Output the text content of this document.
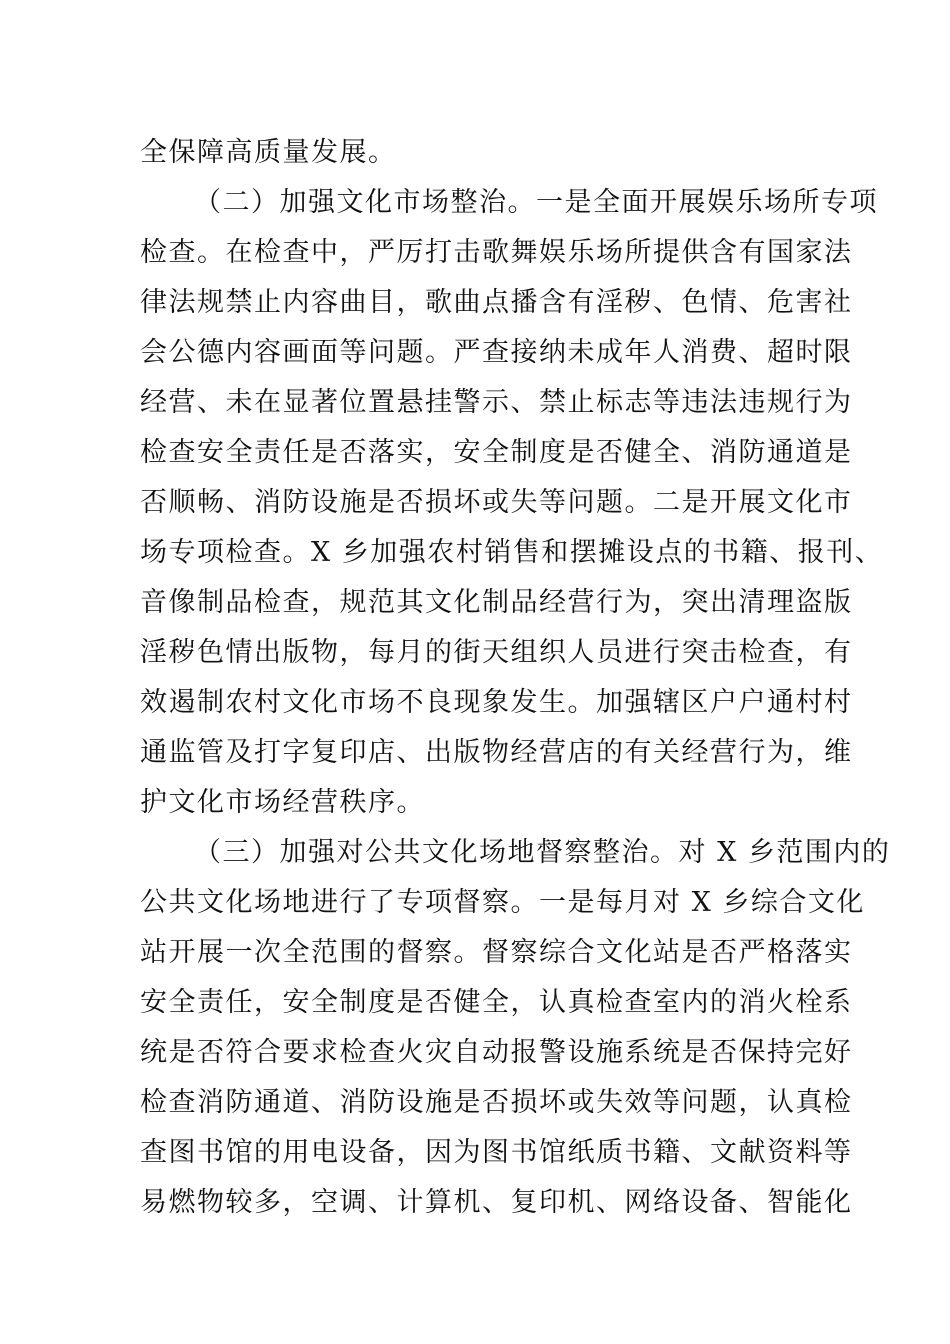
全保障高质量发展。
（二）加强文化市场整治。一是全面开展娱乐场所专项
检查。在检查中，严厉打击歌舞娱乐场所提供含有国家法
律法规禁止内容曲目，歌曲点播含有淫秽、色情、危害社
会公德内容画面等问题。严查接纳未成年人消费、超时限
经营、未在显著位置悬挂警示、禁止标志等违法违规行为
检查安全责任是否落实，安全制度是否健全、消防通道是
否顺畅、消防设施是否损坏或失等问题。二是开展文化市
场专项检查。X 乡加强农村销售和摆摊设点的书籍、报刊、
音像制品检查，规范其文化制品经营行为，突出清理盗版
淫秽色情出版物，每月的街天组织人员进行突击检查，有
效遏制农村文化市场不良现象发生。加强辖区户户通村村
通监管及打字复印店、出版物经营店的有关经营行为，维
护文化市场经营秩序。
（三）加强对公共文化场地督察整治。对 X 乡范围内的
公共文化场地进行了专项督察。一是每月对 X 乡综合文化
站开展一次全范围的督察。督察综合文化站是否严格落实
安全责任，安全制度是否健全，认真检查室内的消火栓系
统是否符合要求检查火灾自动报警设施系统是否保持完好
检查消防通道、消防设施是否损坏或失效等问题，认真检
查图书馆的用电设备，因为图书馆纸质书籍、文献资料等
易燃物较多，空调、计算机、复印机、网络设备、智能化
